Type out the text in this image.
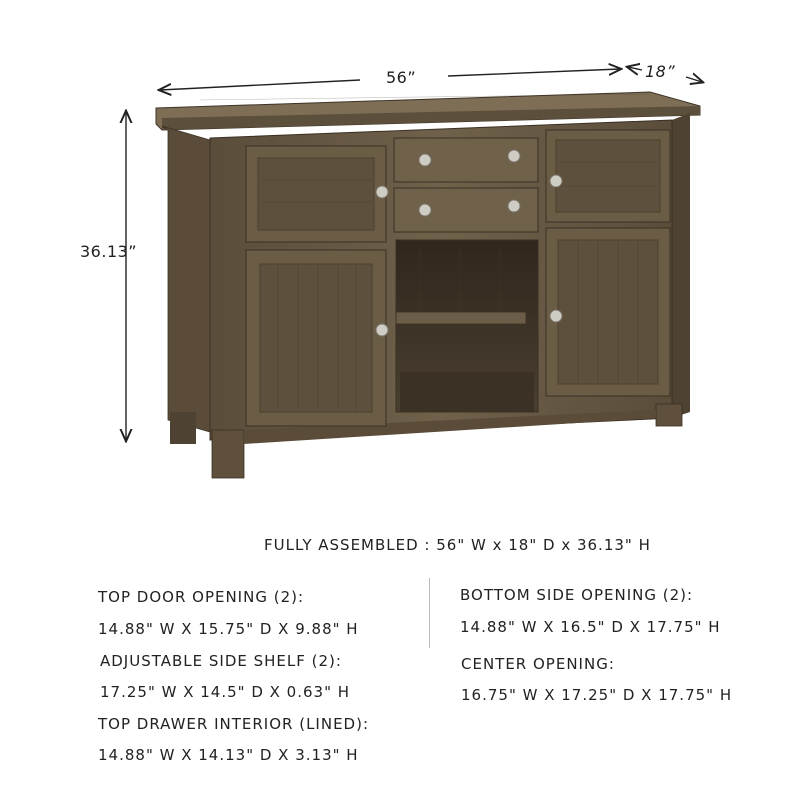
56”	18”
36.13”
FULLY ASSEMBLED : 56" W x 18" D x 36.13" H
TOP DOOR OPENING (2):
14.88" W X 15.75" D X 9.88" H
ADJUSTABLE SIDE SHELF (2):
17.25" W X 14.5" D X 0.63" H
TOP DRAWER INTERIOR (LINED):
14.88" W X 14.13" D X 3.13" H
BOTTOM SIDE OPENING (2):
14.88" W X 16.5" D X 17.75" H
CENTER OPENING:
16.75" W X 17.25" D X 17.75" H
